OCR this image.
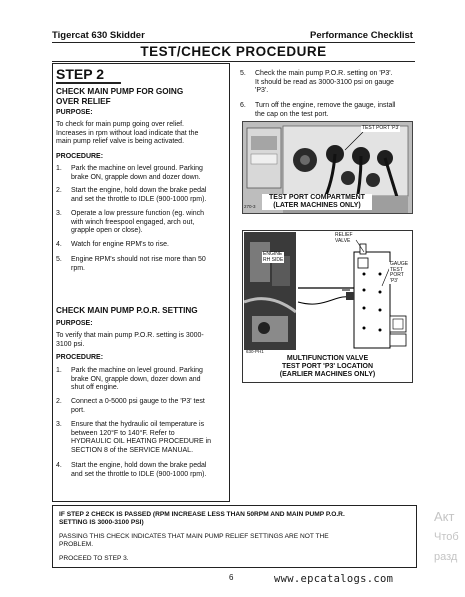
Tigercat 630 Skidder	Performance Checklist
TEST/CHECK PROCEDURE
STEP 2
CHECK MAIN PUMP FOR GOING
OVER RELIEF
PURPOSE:
To check for main pump going over relief.
Increases in rpm without load indicate that the
main pump relief valve is being activated.
PROCEDURE:
1. Park the machine on level ground. Parking
brake ON, grapple down and dozer down.
2. Start the engine, hold down the brake pedal
and set the throttle to IDLE (900-1000 rpm).
3. Operate a low pressure function (eg. winch
with winch freespool engaged, arch out,
grapple open or close).
4. Watch for engine RPM's to rise.
5. Engine RPM's should not rise more than 50
rpm.
CHECK MAIN PUMP P.O.R. SETTING
PURPOSE:
To verify that main pump P.O.R. setting is 3000-
3100 psi.
PROCEDURE:
1. Park the machine on level ground. Parking
brake ON, grapple down, dozer down and
shut off engine.
2. Connect a 0-5000 psi gauge to the 'P3' test
port.
3. Ensure that the hydraulic oil temperature is
between 120°F to 140°F. Refer to
HYDRAULIC OIL HEATING PROCEDURE in
SECTION 8 of the SERVICE MANUAL.
4. Start the engine, hold down the brake pedal
and set the throttle to IDLE (900-1000 rpm).
5. Check the main pump P.O.R. setting on 'P3'.
It should be read as 3000-3100 psi on gauge
'P3'.
6. Turn off the engine, remove the gauge, install
the cap on the test port.
TEST PORT 'P3'
270-3
TEST PORT COMPARTMENT
(LATER MACHINES ONLY)
RELIEF
VALVE
ENGINE
RH SIDE
GAUGE
TEST
PORT
'P3'
630-PH1
MULTIFUNCTION VALVE
TEST PORT 'P3' LOCATION
(EARLIER MACHINES ONLY)
IF STEP 2 CHECK IS PASSED (RPM INCREASE LESS THAN 50RPM AND MAIN PUMP P.O.R.
SETTING IS 3000-3100 PSI)
PASSING THIS CHECK INDICATES THAT MAIN PUMP RELIEF SETTINGS ARE NOT THE
PROBLEM.
PROCEED TO STEP 3.
6	www.epcatalogs.com
Акт
Чтоб
разд
